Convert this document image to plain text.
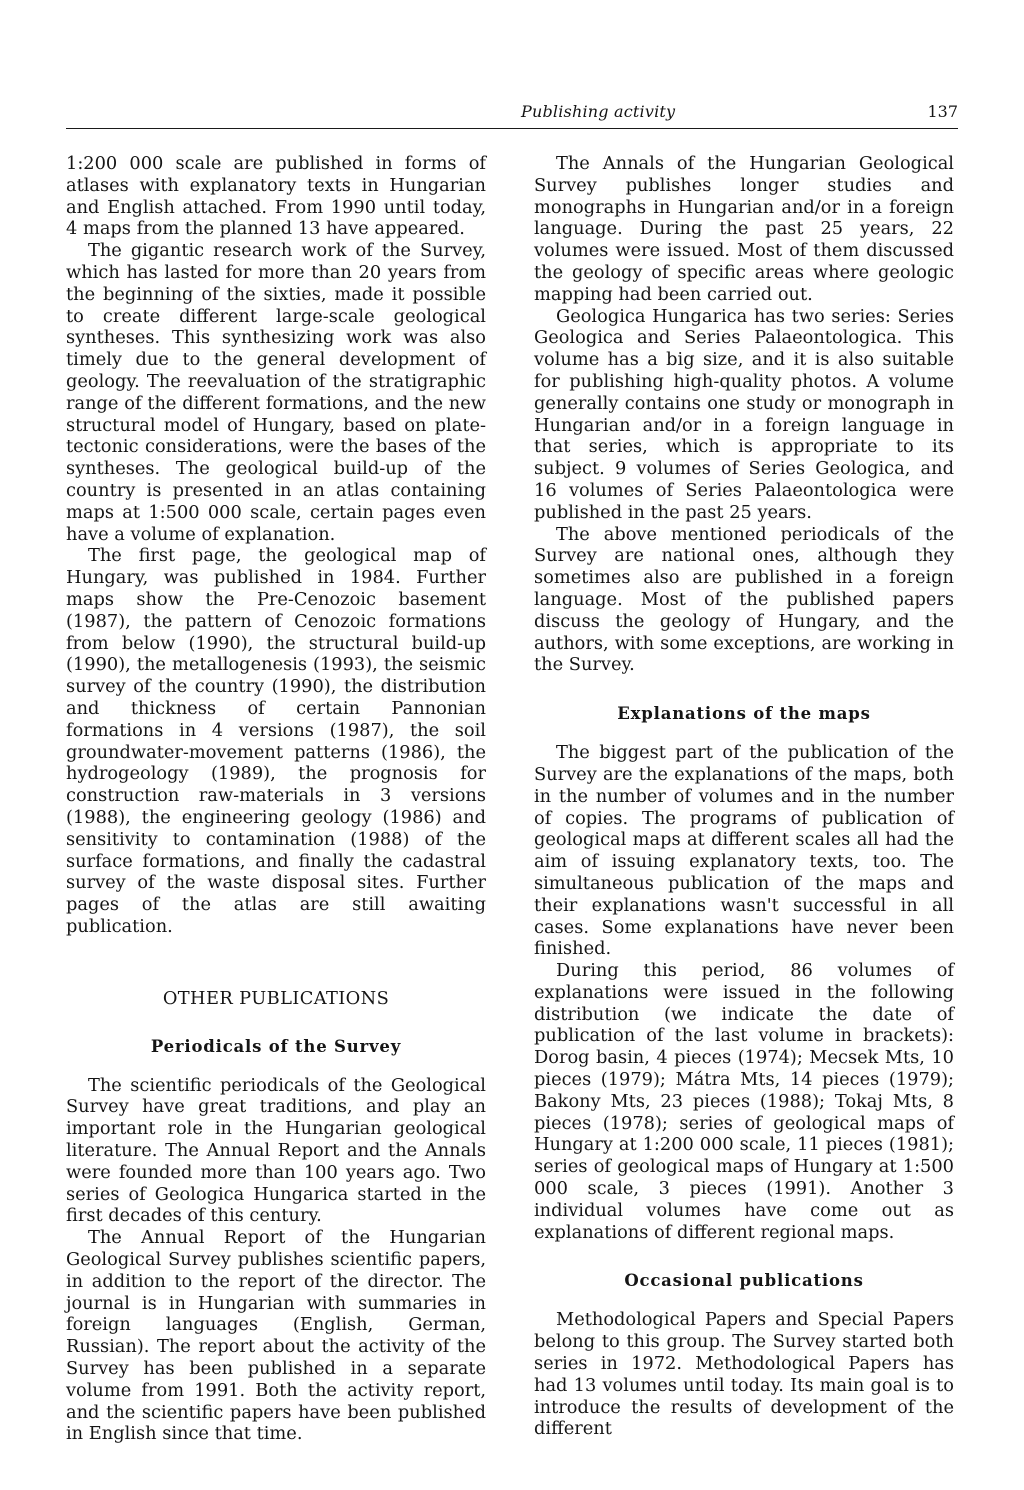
Publishing activity	137

1:200 000 scale are published in forms of atlases with explanatory texts in Hungarian and English attached. From 1990 until today, 4 maps from the planned 13 have appeared.

The gigantic research work of the Survey, which has lasted for more than 20 years from the beginning of the sixties, made it possible to create different large-scale geological syntheses. This synthesizing work was also timely due to the general development of geology. The reevaluation of the stratigraphic range of the different formations, and the new structural model of Hungary, based on plate-tectonic considerations, were the bases of the syntheses. The geological build-up of the country is presented in an atlas containing maps at 1:500 000 scale, certain pages even have a volume of explanation.

The first page, the geological map of Hungary, was published in 1984. Further maps show the Pre-Cenozoic basement (1987), the pattern of Cenozoic formations from below (1990), the structural build-up (1990), the metallogenesis (1993), the seismic survey of the country (1990), the distribution and thickness of certain Pannonian formations in 4 versions (1987), the soil groundwater-movement patterns (1986), the hydrogeology (1989), the prognosis for construction raw-materials in 3 versions (1988), the engineering geology (1986) and sensitivity to contamination (1988) of the surface formations, and finally the cadastral survey of the waste disposal sites. Further pages of the atlas are still awaiting publication.

OTHER PUBLICATIONS
Periodicals of the Survey

The scientific periodicals of the Geological Survey have great traditions, and play an important role in the Hungarian geological literature. The Annual Report and the Annals were founded more than 100 years ago. Two series of Geologica Hungarica started in the first decades of this century.

The Annual Report of the Hungarian Geological Survey publishes scientific papers, in addition to the report of the director. The journal is in Hungarian with summaries in foreign languages (English, German, Russian). The report about the activity of the Survey has been published in a separate volume from 1991. Both the activity report, and the scientific papers have been published in English since that time.

The Annals of the Hungarian Geological Survey publishes longer studies and monographs in Hungarian and/or in a foreign language. During the past 25 years, 22 volumes were issued. Most of them discussed the geology of specific areas where geologic mapping had been carried out.

Geologica Hungarica has two series: Series Geologica and Series Palaeontologica. This volume has a big size, and it is also suitable for publishing high-quality photos. A volume generally contains one study or monograph in Hungarian and/or in a foreign language in that series, which is appropriate to its subject. 9 volumes of Series Geologica, and 16 volumes of Series Palaeontologica were published in the past 25 years.

The above mentioned periodicals of the Survey are national ones, although they sometimes also are published in a foreign language. Most of the published papers discuss the geology of Hungary, and the authors, with some exceptions, are working in the Survey.

Explanations of the maps

The biggest part of the publication of the Survey are the explanations of the maps, both in the number of volumes and in the number of copies. The programs of publication of geological maps at different scales all had the aim of issuing explanatory texts, too. The simultaneous publication of the maps and their explanations wasn't successful in all cases. Some explanations have never been finished.

During this period, 86 volumes of explanations were issued in the following distribution (we indicate the date of publication of the last volume in brackets): Dorog basin, 4 pieces (1974); Mecsek Mts, 10 pieces (1979); Mátra Mts, 14 pieces (1979); Bakony Mts, 23 pieces (1988); Tokaj Mts, 8 pieces (1978); series of geological maps of Hungary at 1:200 000 scale, 11 pieces (1981); series of geological maps of Hungary at 1:500 000 scale, 3 pieces (1991). Another 3 individual volumes have come out as explanations of different regional maps.

Occasional publications

Methodological Papers and Special Papers belong to this group. The Survey started both series in 1972. Methodological Papers has had 13 volumes until today. Its main goal is to introduce the results of development of the different
